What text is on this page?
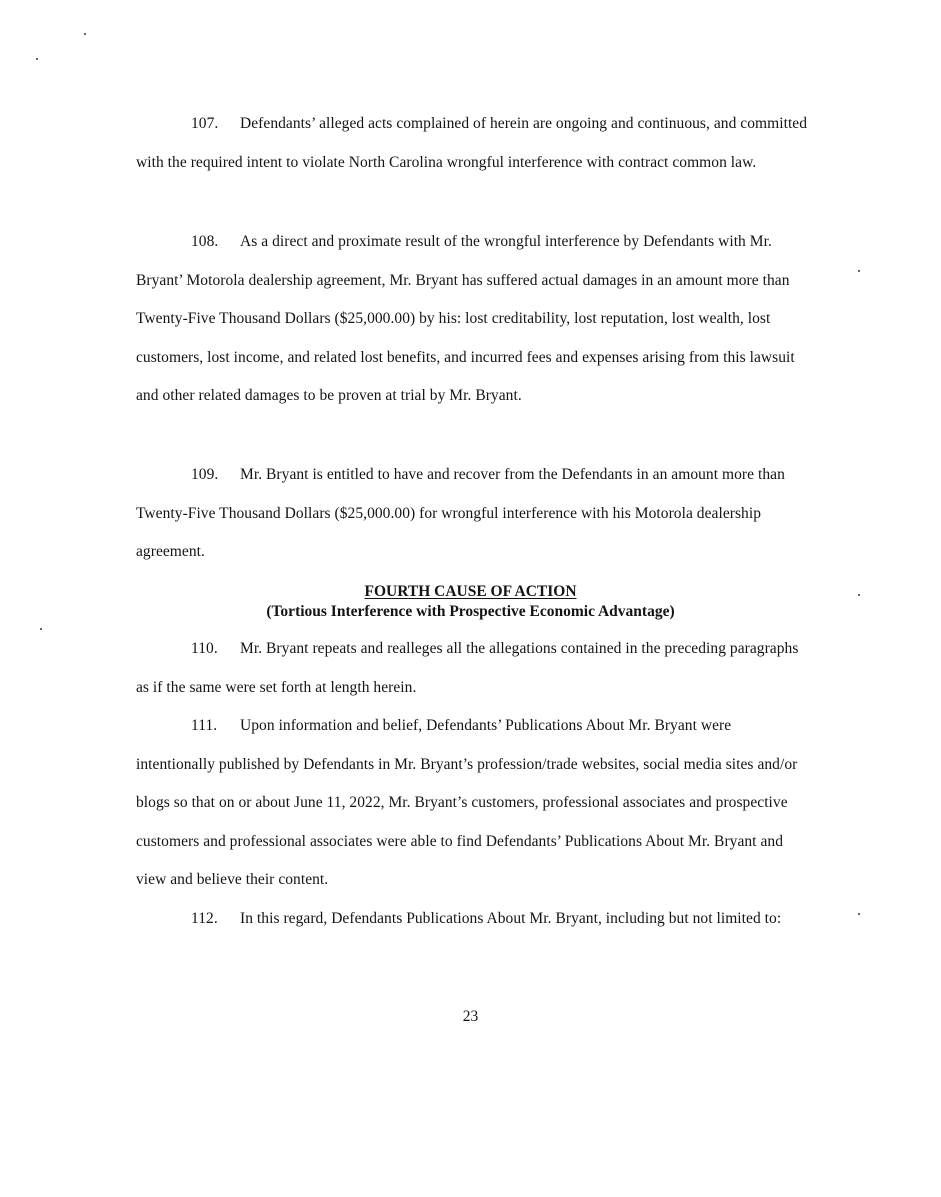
107. Defendants’ alleged acts complained of herein are ongoing and continuous, and committed with the required intent to violate North Carolina wrongful interference with contract common law.

108. As a direct and proximate result of the wrongful interference by Defendants with Mr. Bryant’ Motorola dealership agreement, Mr. Bryant has suffered actual damages in an amount more than Twenty-Five Thousand Dollars ($25,000.00) by his: lost creditability, lost reputation, lost wealth, lost customers, lost income, and related lost benefits, and incurred fees and expenses arising from this lawsuit and other related damages to be proven at trial by Mr. Bryant.

109. Mr. Bryant is entitled to have and recover from the Defendants in an amount more than Twenty-Five Thousand Dollars ($25,000.00) for wrongful interference with his Motorola dealership agreement.

FOURTH CAUSE OF ACTION
(Tortious Interference with Prospective Economic Advantage)

110. Mr. Bryant repeats and realleges all the allegations contained in the preceding paragraphs as if the same were set forth at length herein.

111. Upon information and belief, Defendants’ Publications About Mr. Bryant were intentionally published by Defendants in Mr. Bryant’s profession/trade websites, social media sites and/or blogs so that on or about June 11, 2022, Mr. Bryant’s customers, professional associates and prospective customers and professional associates were able to find Defendants’ Publications About Mr. Bryant and view and believe their content.

112. In this regard, Defendants Publications About Mr. Bryant, including but not limited to:

23
